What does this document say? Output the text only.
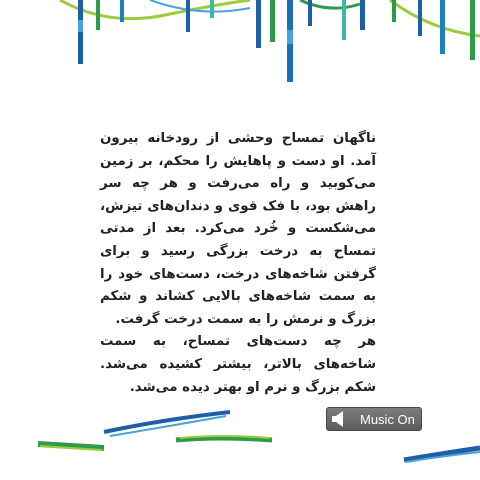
ناگهان تمساح وحشی از رودخانه بیرون آمد. او دست و پاهایش را محکم، بر زمین می‌کوبید و راه می‌رفت و هر چه سر راهش بود، با فک قوی و دندان‌های تیزش، می‌شکست و خُرد می‌کرد. بعد از مدتی تمساح به درخت بزرگی رسید و برای گرفتن شاخه‌های درخت، دست‌های خود را به سمت شاخه‌های بالایی کشاند و شکم بزرگ و نرمش را به سمت درخت گرفت.

هر چه دست‌های تمساح، به سمت شاخه‌های بالاتر، بیشتر کشیده می‌شد. شکم بزرگ و نرم او بهتر دیده می‌شد.

Music On
